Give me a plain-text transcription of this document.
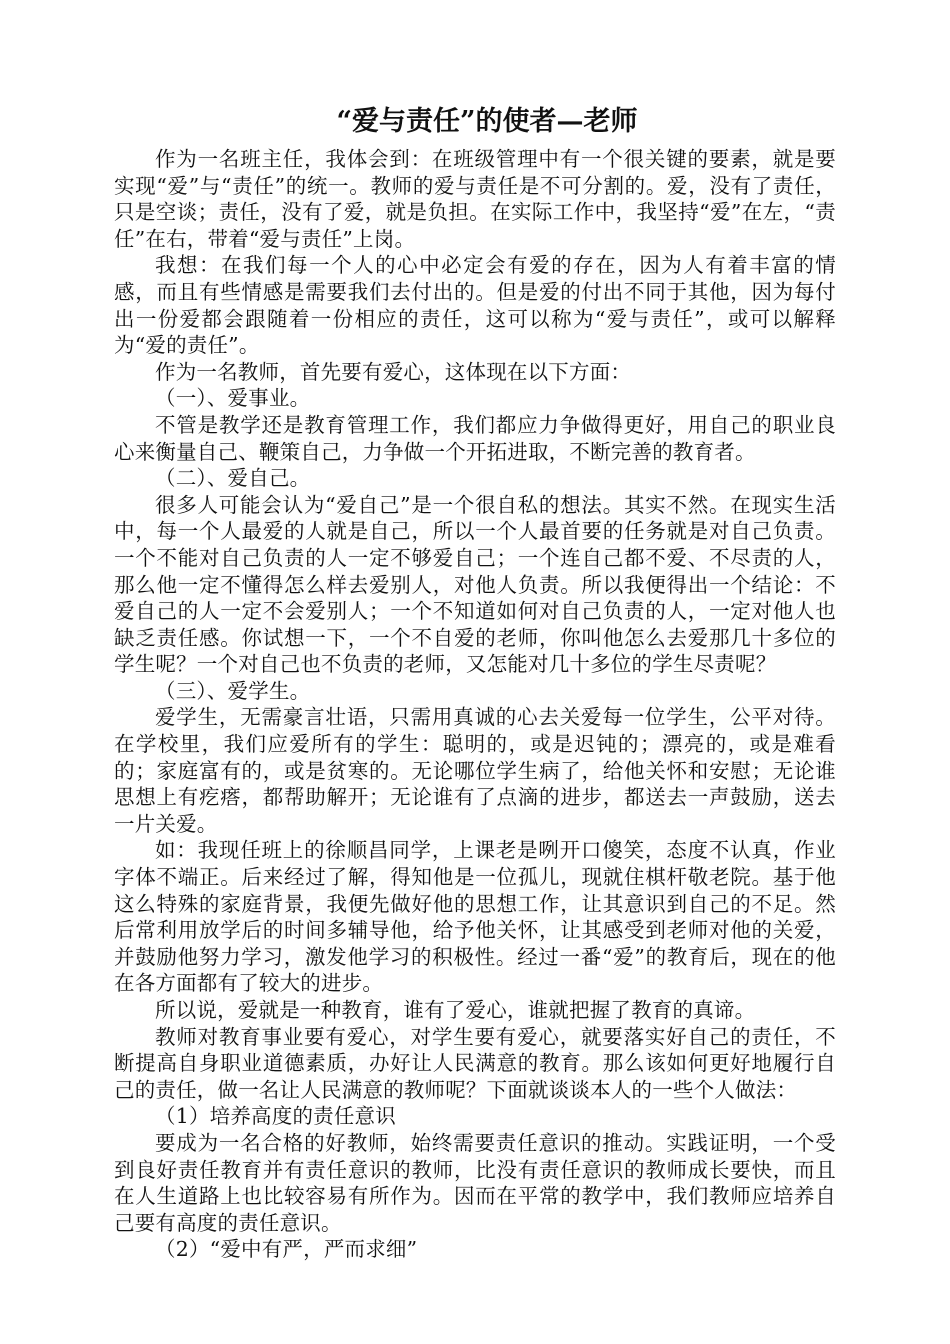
“爱与责任”的使者—老师

作为一名班主任，我体会到：在班级管理中有一个很关键的要素，就是要实现“爱”与“责任”的统一。教师的爱与责任是不可分割的。爱，没有了责任，只是空谈；责任，没有了爱，就是负担。在实际工作中，我坚持“爱”在左，“责任”在右，带着“爱与责任”上岗。

我想：在我们每一个人的心中必定会有爱的存在，因为人有着丰富的情感，而且有些情感是需要我们去付出的。但是爱的付出不同于其他，因为每付出一份爱都会跟随着一份相应的责任，这可以称为“爱与责任”，或可以解释为“爱的责任”。

作为一名教师，首先要有爱心，这体现在以下方面：

（一）、爱事业。

不管是教学还是教育管理工作，我们都应力争做得更好，用自己的职业良心来衡量自己、鞭策自己，力争做一个开拓进取，不断完善的教育者。

（二）、爱自己。

很多人可能会认为“爱自己”是一个很自私的想法。其实不然。在现实生活中，每一个人最爱的人就是自己，所以一个人最首要的任务就是对自己负责。一个不能对自己负责的人一定不够爱自己；一个连自己都不爱、不尽责的人，那么他一定不懂得怎么样去爱别人，对他人负责。所以我便得出一个结论：不爱自己的人一定不会爱别人；一个不知道如何对自己负责的人，一定对他人也缺乏责任感。你试想一下，一个不自爱的老师，你叫他怎么去爱那几十多位的学生呢？一个对自己也不负责的老师，又怎能对几十多位的学生尽责呢？

（三）、爱学生。

爱学生，无需豪言壮语，只需用真诚的心去关爱每一位学生，公平对待。在学校里，我们应爱所有的学生：聪明的，或是迟钝的；漂亮的，或是难看的；家庭富有的，或是贫寒的。无论哪位学生病了，给他关怀和安慰；无论谁思想上有疙瘩，都帮助解开；无论谁有了点滴的进步，都送去一声鼓励，送去一片关爱。

如：我现任班上的徐顺昌同学，上课老是咧开口傻笑，态度不认真，作业字体不端正。后来经过了解，得知他是一位孤儿，现就住棋杆敬老院。基于他这么特殊的家庭背景，我便先做好他的思想工作，让其意识到自己的不足。然后常利用放学后的时间多辅导他，给予他关怀，让其感受到老师对他的关爱，并鼓励他努力学习，激发他学习的积极性。经过一番“爱”的教育后，现在的他在各方面都有了较大的进步。

所以说，爱就是一种教育，谁有了爱心，谁就把握了教育的真谛。

教师对教育事业要有爱心，对学生要有爱心，就要落实好自己的责任，不断提高自身职业道德素质，办好让人民满意的教育。那么该如何更好地履行自己的责任，做一名让人民满意的教师呢？下面就谈谈本人的一些个人做法：

（1）培养高度的责任意识

要成为一名合格的好教师，始终需要责任意识的推动。实践证明，一个受到良好责任教育并有责任意识的教师，比没有责任意识的教师成长要快，而且在人生道路上也比较容易有所作为。因而在平常的教学中，我们教师应培养自己要有高度的责任意识。

（2）“爱中有严，严而求细”
